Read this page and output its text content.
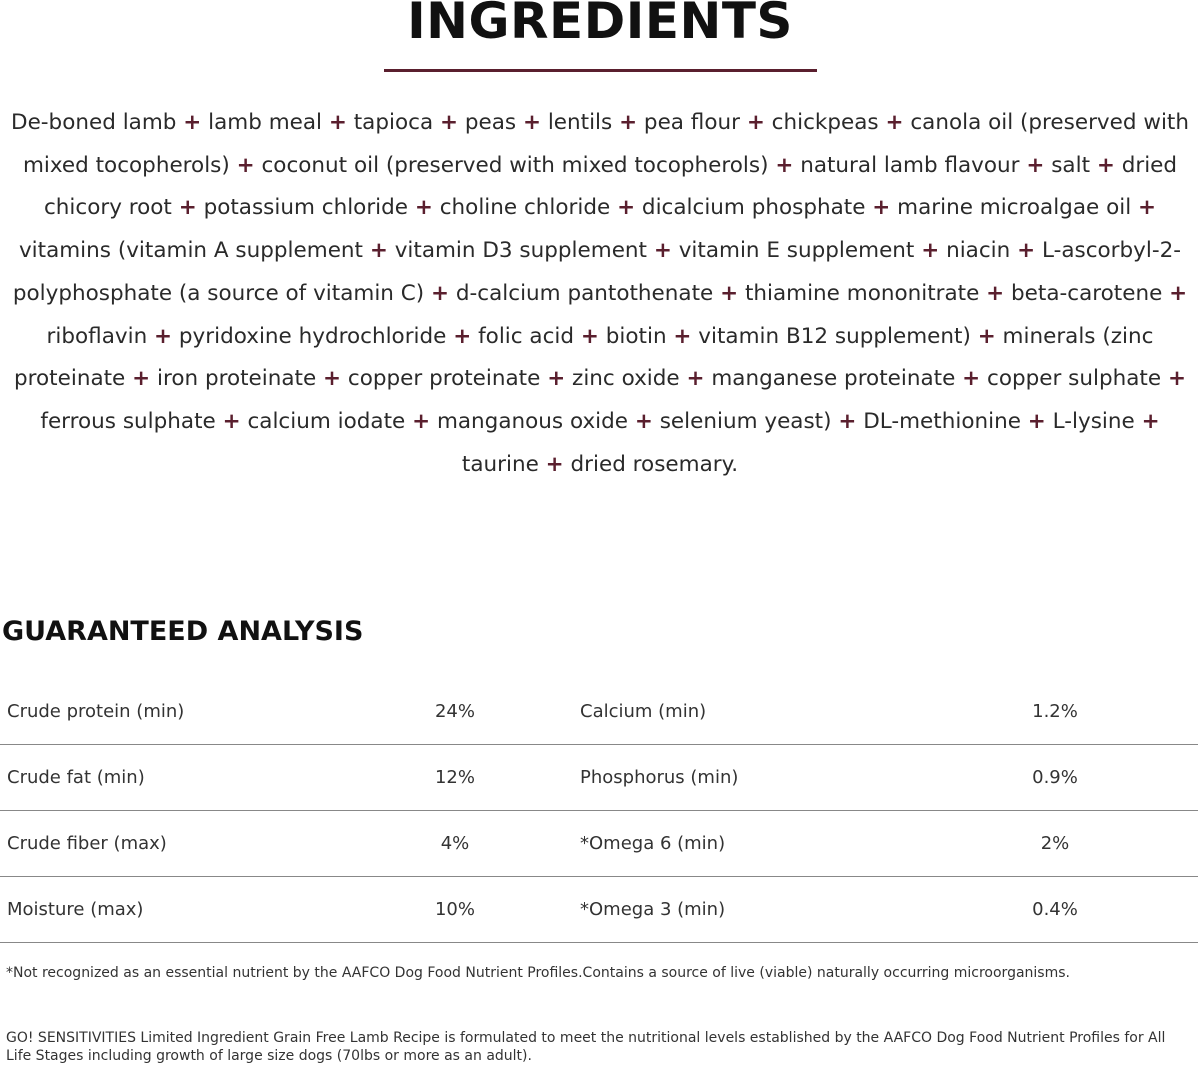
INGREDIENTS

De-boned lamb + lamb meal + tapioca + peas + lentils + pea flour + chickpeas + canola oil (preserved with mixed tocopherols) + coconut oil (preserved with mixed tocopherols) + natural lamb flavour + salt + dried chicory root + potassium chloride + choline chloride + dicalcium phosphate + marine microalgae oil + vitamins (vitamin A supplement + vitamin D3 supplement + vitamin E supplement + niacin + L-ascorbyl-2-polyphosphate (a source of vitamin C) + d-calcium pantothenate + thiamine mononitrate + beta-carotene + riboflavin + pyridoxine hydrochloride + folic acid + biotin + vitamin B12 supplement) + minerals (zinc proteinate + iron proteinate + copper proteinate + zinc oxide + manganese proteinate + copper sulphate + ferrous sulphate + calcium iodate + manganous oxide + selenium yeast) + DL-methionine + L-lysine + taurine + dried rosemary.

GUARANTEED ANALYSIS
Crude protein (min)	24%	Calcium (min)	1.2%
Crude fat (min)	12%	Phosphorus (min)	0.9%
Crude fiber (max)	4%	*Omega 6 (min)	2%
Moisture (max)	10%	*Omega 3 (min)	0.4%

*Not recognized as an essential nutrient by the AAFCO Dog Food Nutrient Profiles.Contains a source of live (viable) naturally occurring microorganisms.

GO! SENSITIVITIES Limited Ingredient Grain Free Lamb Recipe is formulated to meet the nutritional levels established by the AAFCO Dog Food Nutrient Profiles for All Life Stages including growth of large size dogs (70lbs or more as an adult).
